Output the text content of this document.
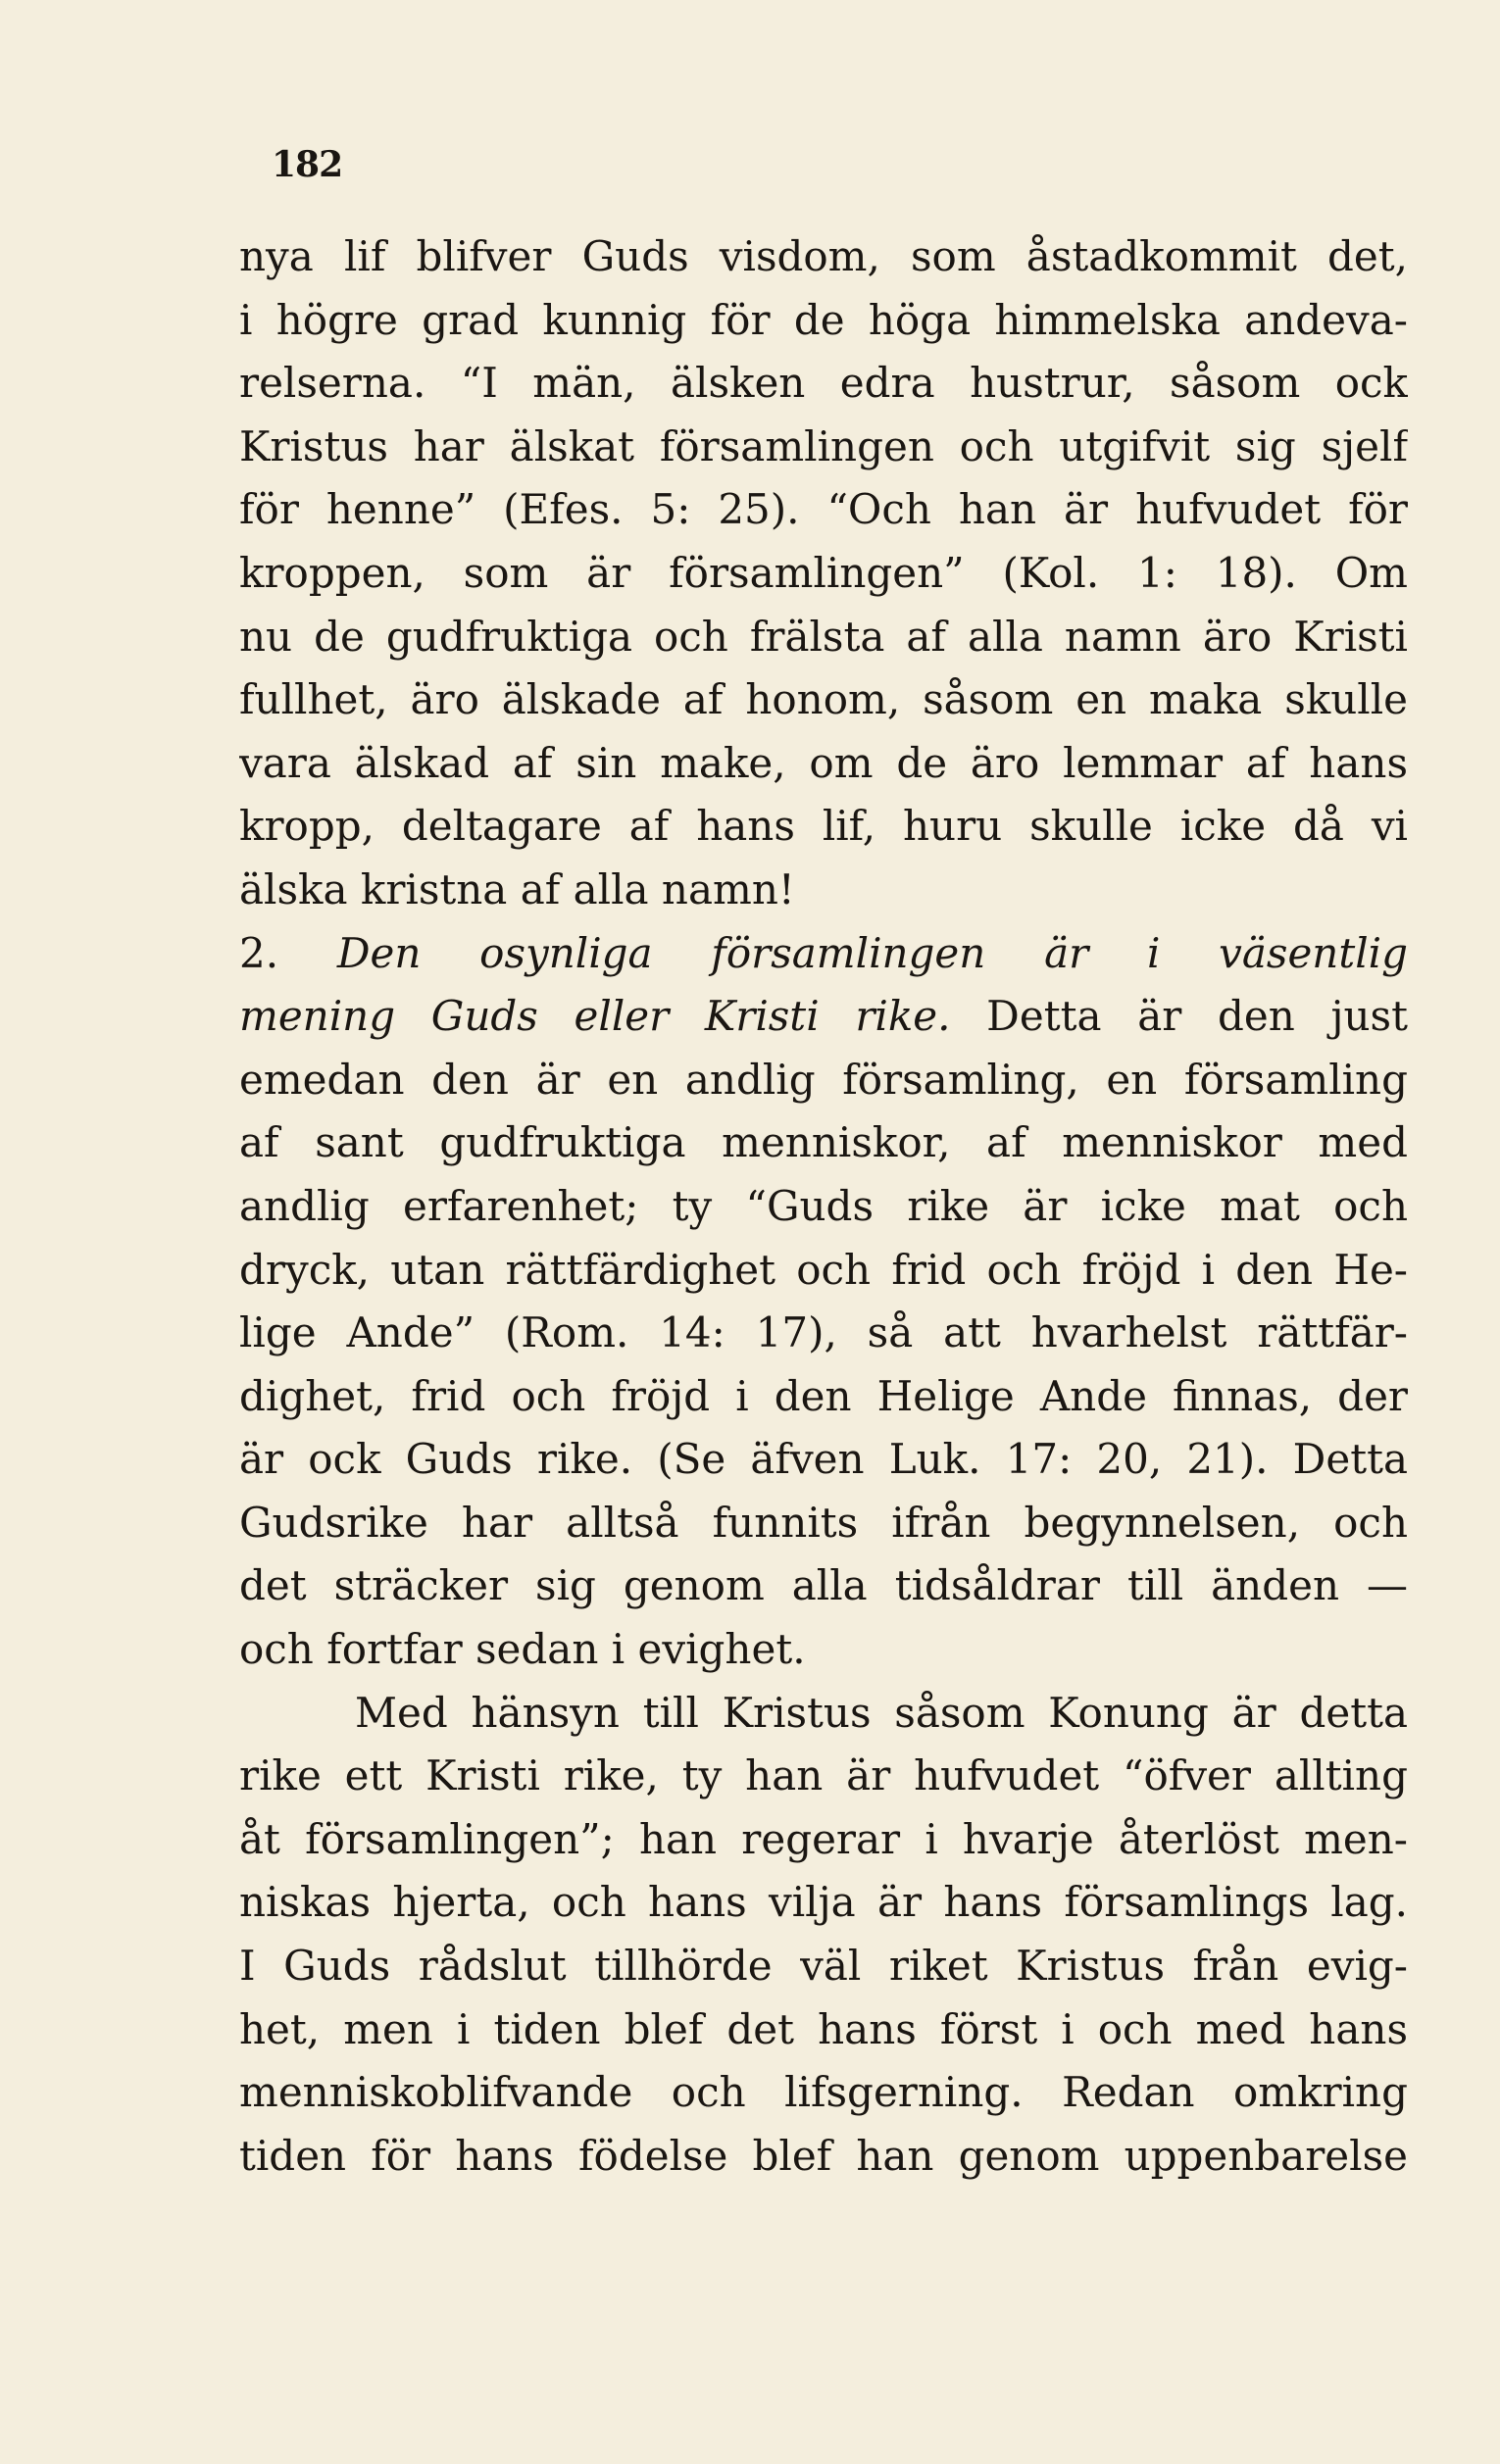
182
nya lif blifver Guds visdom, som åstadkommit det,
i högre grad kunnig för de höga himmelska andeva-
relserna. “I män, älsken edra hustrur, såsom ock
Kristus har älskat församlingen och utgifvit sig sjelf
för henne” (Efes. 5: 25). “Och han är hufvudet för
kroppen, som är församlingen” (Kol. 1: 18). Om
nu de gudfruktiga och frälsta af alla namn äro Kristi
fullhet, äro älskade af honom, såsom en maka skulle
vara älskad af sin make, om de äro lemmar af hans
kropp, deltagare af hans lif, huru skulle icke då vi
älska kristna af alla namn!
2. Den osynliga församlingen är i väsentlig
mening Guds eller Kristi rike. Detta är den just
emedan den är en andlig församling, en församling
af sant gudfruktiga menniskor, af menniskor med
andlig erfarenhet; ty “Guds rike är icke mat och
dryck, utan rättfärdighet och frid och fröjd i den He-
lige Ande” (Rom. 14: 17), så att hvarhelst rättfär-
dighet, frid och fröjd i den Helige Ande finnas, der
är ock Guds rike. (Se äfven Luk. 17: 20, 21). Detta
Gudsrike har alltså funnits ifrån begynnelsen, och
det sträcker sig genom alla tidsåldrar till änden —
och fortfar sedan i evighet.
Med hänsyn till Kristus såsom Konung är detta
rike ett Kristi rike, ty han är hufvudet “öfver allting
åt församlingen”; han regerar i hvarje återlöst men-
niskas hjerta, och hans vilja är hans församlings lag.
I Guds rådslut tillhörde väl riket Kristus från evig-
het, men i tiden blef det hans först i och med hans
menniskoblifvande och lifsgerning. Redan omkring
tiden för hans födelse blef han genom uppenbarelse
